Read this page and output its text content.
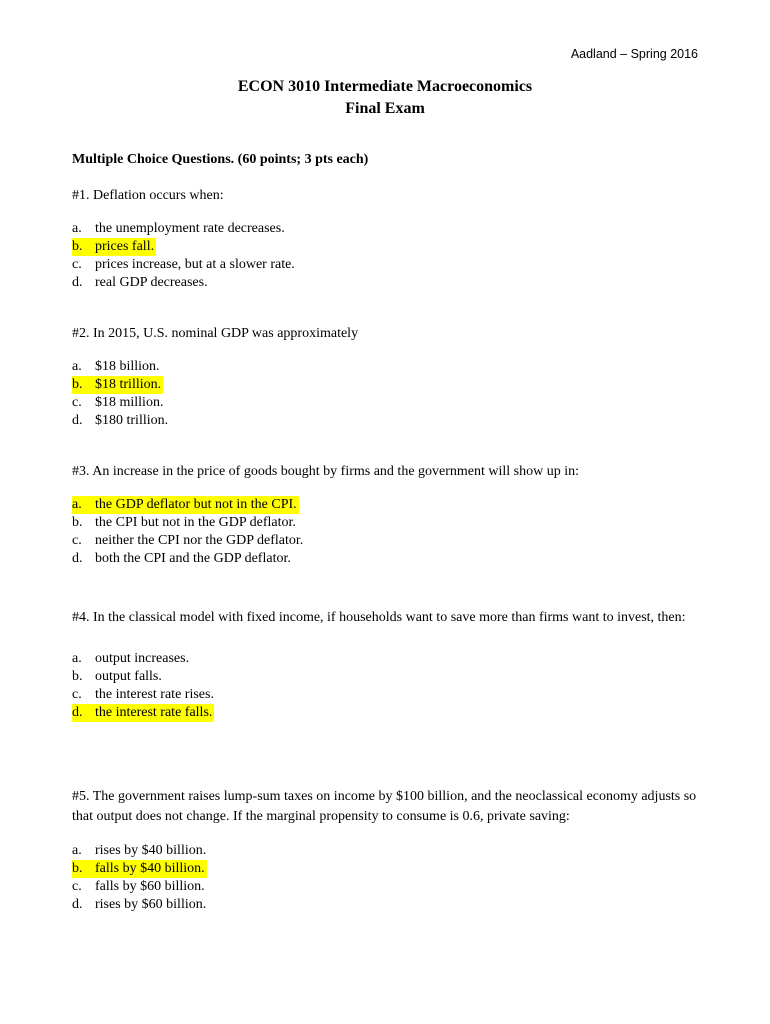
Aadland – Spring 2016
ECON 3010 Intermediate Macroeconomics
Final Exam
Multiple Choice Questions. (60 points; 3 pts each)

#1. Deflation occurs when:

a. the unemployment rate decreases.
b. prices fall.
c. prices increase, but at a slower rate.
d. real GDP decreases.

#2. In 2015, U.S. nominal GDP was approximately

a. $18 billion.
b. $18 trillion.
c. $18 million.
d. $180 trillion.

#3. An increase in the price of goods bought by firms and the government will show up in:

a. the GDP deflator but not in the CPI.
b. the CPI but not in the GDP deflator.
c. neither the CPI nor the GDP deflator.
d. both the CPI and the GDP deflator.

#4. In the classical model with fixed income, if households want to save more than firms want to invest, then:

a. output increases.
b. output falls.
c. the interest rate rises.
d. the interest rate falls.

#5. The government raises lump-sum taxes on income by $100 billion, and the neoclassical economy adjusts so that output does not change. If the marginal propensity to consume is 0.6, private saving:

a. rises by $40 billion.
b. falls by $40 billion.
c. falls by $60 billion.
d. rises by $60 billion.
